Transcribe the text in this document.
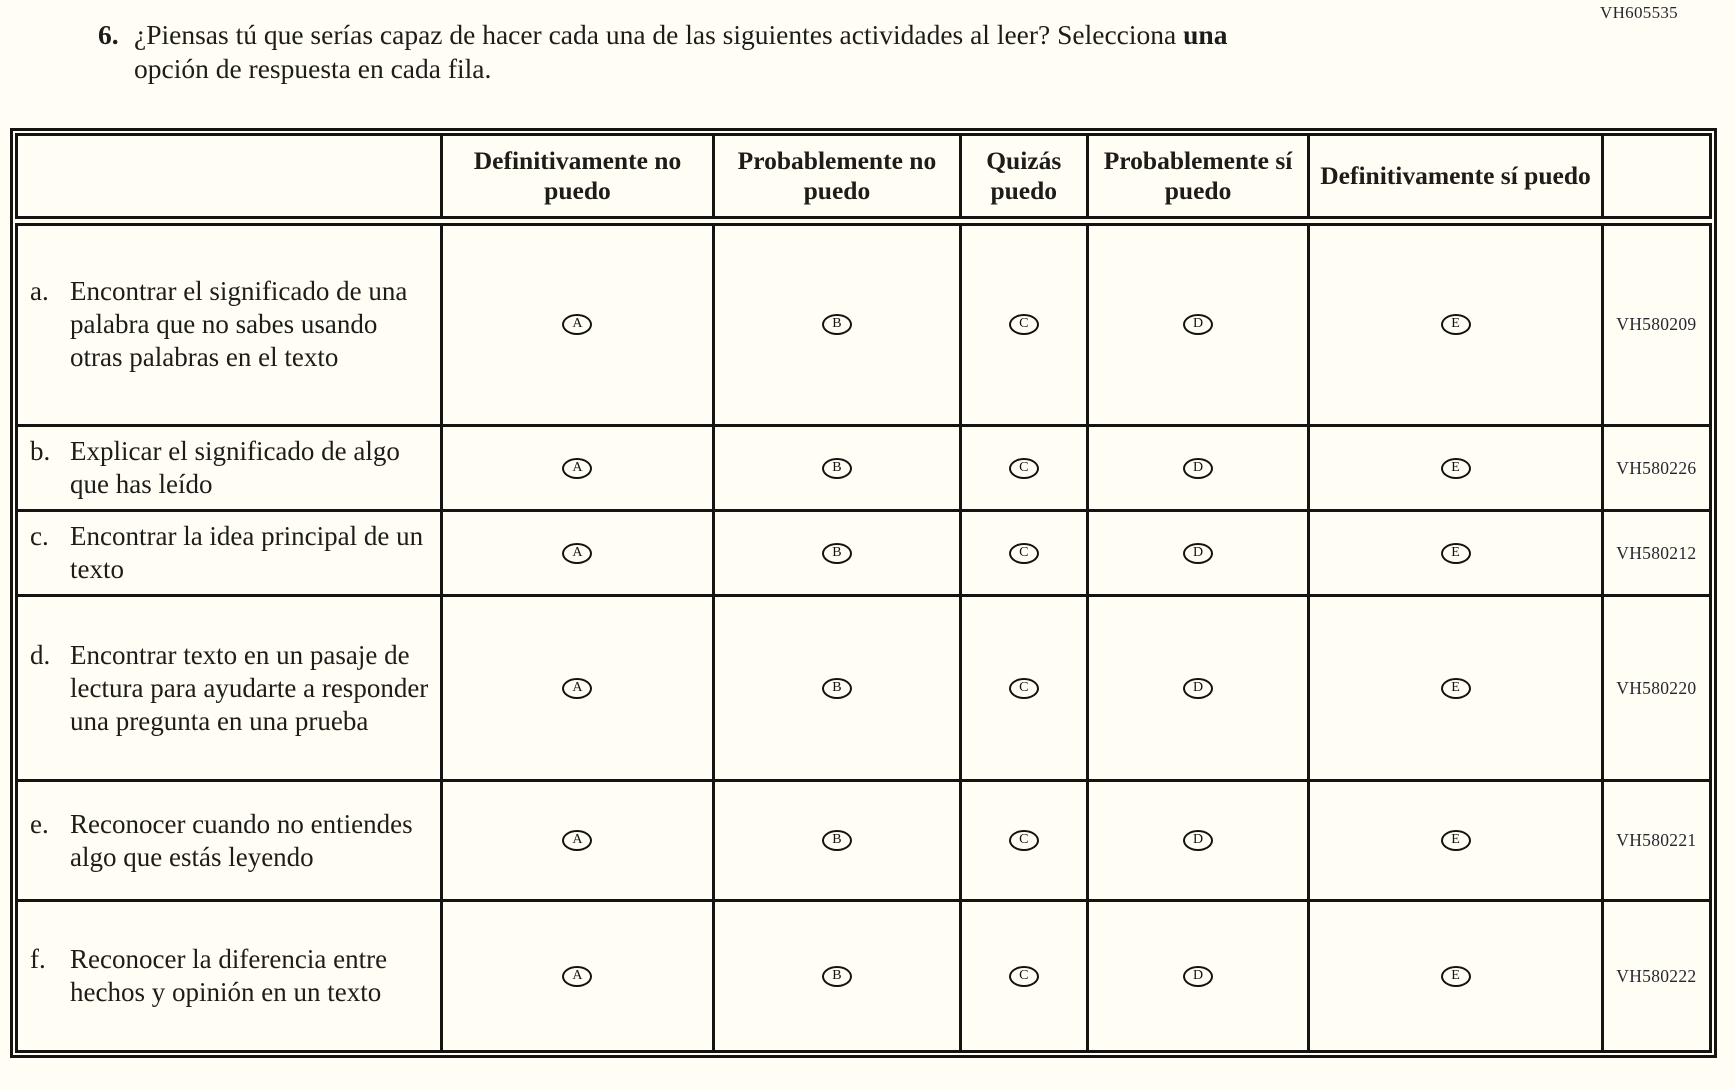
VH605535
6. ¿Piensas tú que serías capaz de hacer cada una de las siguientes actividades al leer? Selecciona una opción de respuesta en cada fila.
	Definitivamente no puedo	Probablemente no puedo	Quizás puedo	Probablemente sí puedo	Definitivamente sí puedo	

a. Encontrar el significado de una palabra que no sabes usando otras palabras en el texto	A	B	C	D	E	VH580209

b. Explicar el significado de algo que has leído	A	B	C	D	E	VH580226

c. Encontrar la idea principal de un texto	A	B	C	D	E	VH580212

d. Encontrar texto en un pasaje de lectura para ayudarte a responder una pregunta en una prueba	A	B	C	D	E	VH580220

e. Reconocer cuando no entiendes algo que estás leyendo	A	B	C	D	E	VH580221

f. Reconocer la diferencia entre hechos y opinión en un texto	A	B	C	D	E	VH580222
